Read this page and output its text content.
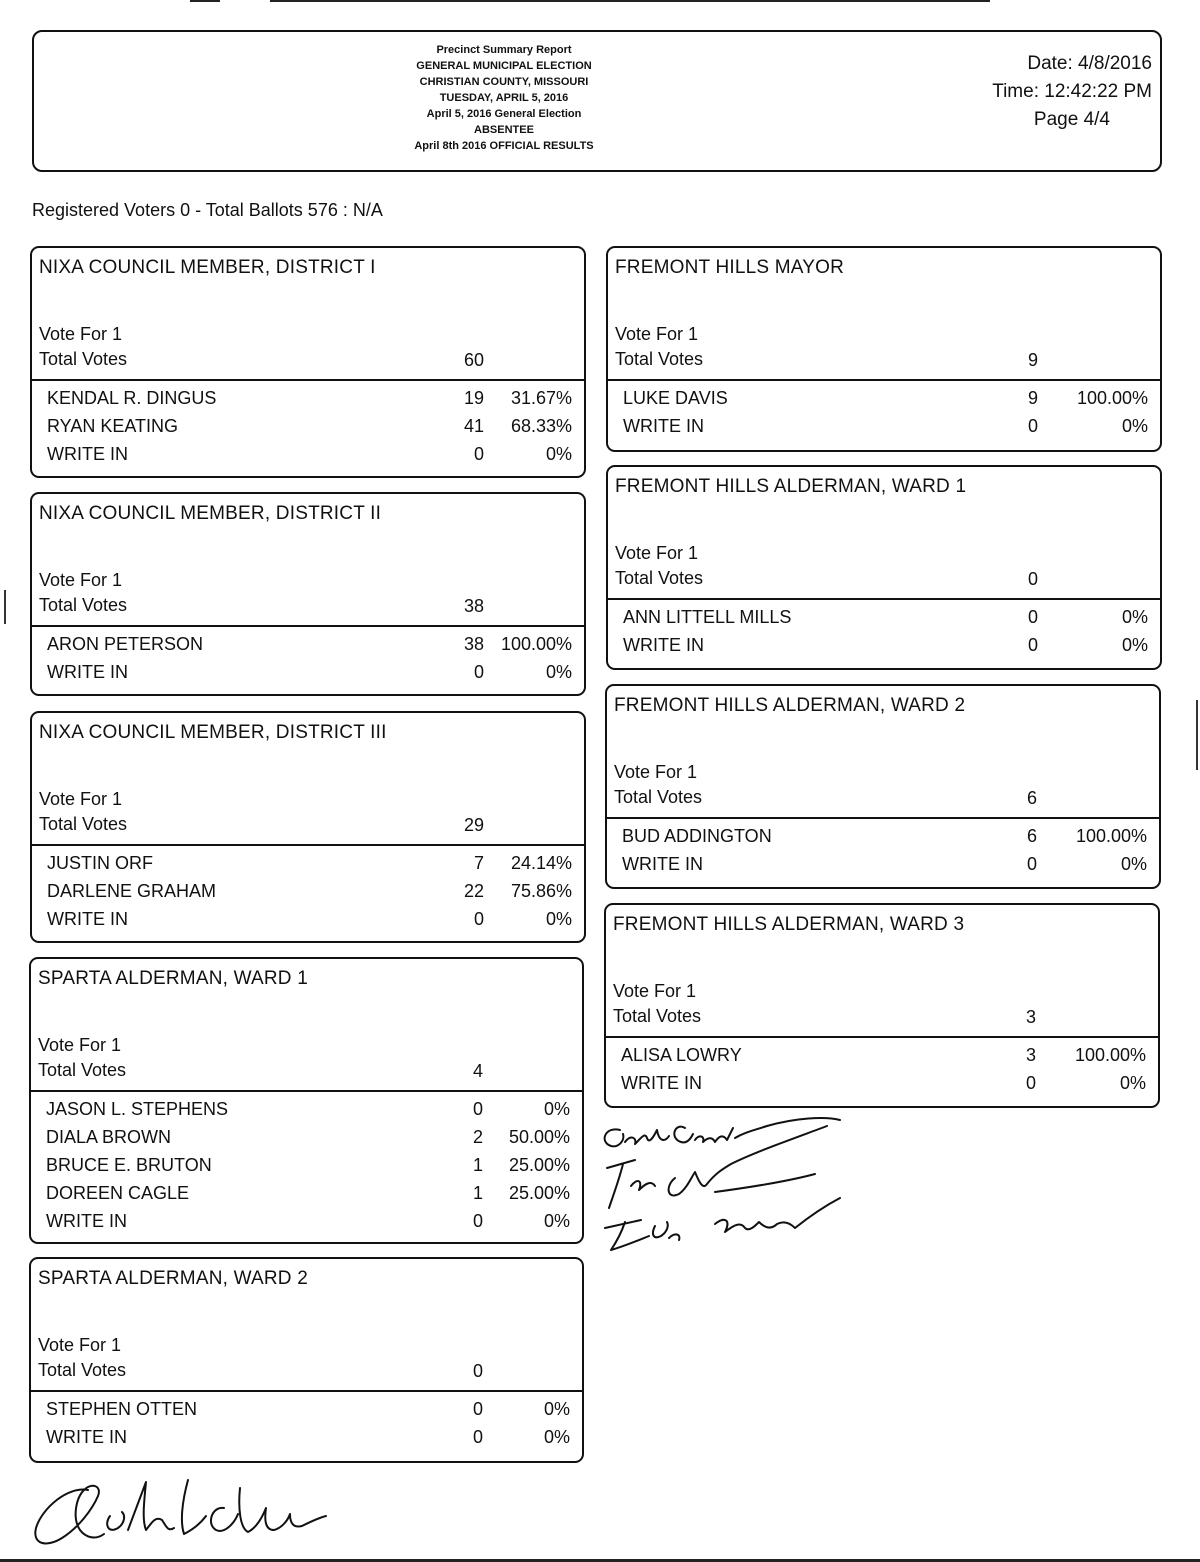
Precinct Summary Report
GENERAL MUNICIPAL ELECTION
CHRISTIAN COUNTY, MISSOURI
TUESDAY, APRIL 5, 2016
April 5, 2016 General Election
ABSENTEE
April 8th 2016 OFFICIAL RESULTS
Date: 4/8/2016
Time: 12:42:22 PM
Page 4/4
Registered Voters 0 - Total Ballots 576 : N/A
NIXA COUNCIL MEMBER, DISTRICT I
Vote For 1
Total Votes	60
KENDAL R. DINGUS	19	31.67%
RYAN KEATING	41	68.33%
WRITE IN	0	0%
NIXA COUNCIL MEMBER, DISTRICT II
Vote For 1
Total Votes	38
ARON PETERSON	38 100.00%
WRITE IN	0	0%
NIXA COUNCIL MEMBER, DISTRICT III
Vote For 1
Total Votes	29
JUSTIN ORF	7	24.14%
DARLENE GRAHAM	22	75.86%
WRITE IN	0	0%
SPARTA ALDERMAN, WARD 1
Vote For 1
Total Votes	4
JASON L. STEPHENS	0	0%
DIALA BROWN	2	50.00%
BRUCE E. BRUTON	1	25.00%
DOREEN CAGLE	1	25.00%
WRITE IN	0	0%
SPARTA ALDERMAN, WARD 2
Vote For 1
Total Votes	0
STEPHEN OTTEN	0	0%
WRITE IN	0	0%
FREMONT HILLS MAYOR
Vote For 1
Total Votes	9
LUKE DAVIS	9	100.00%
WRITE IN	0	0%
FREMONT HILLS ALDERMAN, WARD 1
Vote For 1
Total Votes	0
ANN LITTELL MILLS	0	0%
WRITE IN	0	0%
FREMONT HILLS ALDERMAN, WARD 2
Vote For 1
Total Votes	6
BUD ADDINGTON	6	100.00%
WRITE IN	0	0%
FREMONT HILLS ALDERMAN, WARD 3
Vote For 1
Total Votes	3
ALISA LOWRY	3	100.00%
WRITE IN	0	0%
